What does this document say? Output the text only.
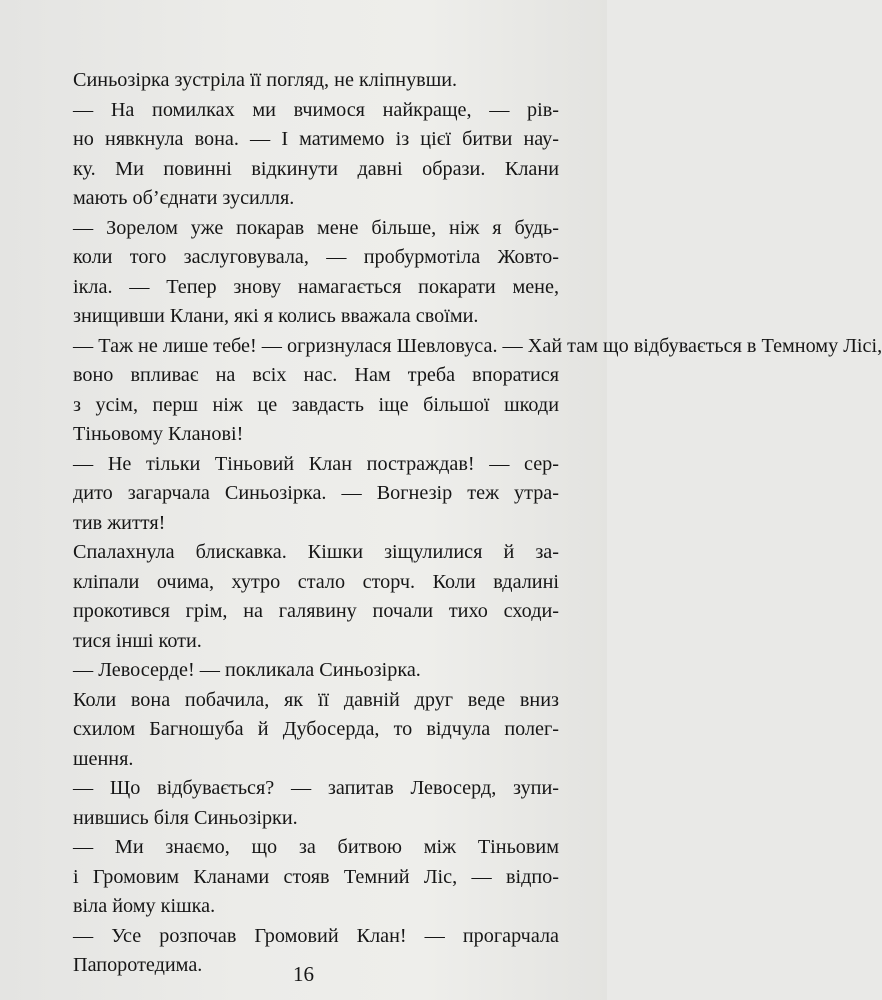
Синьозірка зустріла її погляд, не кліпнувши.
— На помилках ми вчимося найкраще, — рів-
но нявкнула вона. — І матимемо із цієї битви нау-
ку. Ми повинні відкинути давні образи. Клани
мають об’єднати зусилля.
— Зорелом уже покарав мене більше, ніж я будь-
коли того заслуговувала, — пробурмотіла Жовто-
ікла. — Тепер знову намагається покарати мене,
знищивши Клани, які я колись вважала своїми.
— Таж не лише тебе! — огризнулася Шевловуса. — Хай там що відбувається в Темному Лісі,
воно впливає на всіх нас. Нам треба впоратися
з усім, перш ніж це завдасть іще більшої шкоди
Тіньовому Кланові!
— Не тільки Тіньовий Клан постраждав! — сер-
дито загарчала Синьозірка. — Вогнезір теж утра-
тив життя!
Спалахнула блискавка. Кішки зіщулилися й за-
кліпали очима, хутро стало сторч. Коли вдалині
прокотився грім, на галявину почали тихо сходи-
тися інші коти.
— Левосерде! — покликала Синьозірка.
Коли вона побачила, як її давній друг веде вниз
схилом Багношуба й Дубосерда, то відчула полег-
шення.
— Що відбувається? — запитав Левосерд, зупи-
нившись біля Синьозірки.
— Ми знаємо, що за битвою між Тіньовим
і Громовим Кланами стояв Темний Ліс, — відпо-
віла йому кішка.
— Усе розпочав Громовий Клан! — прогарчала
Папоротедима.	16
